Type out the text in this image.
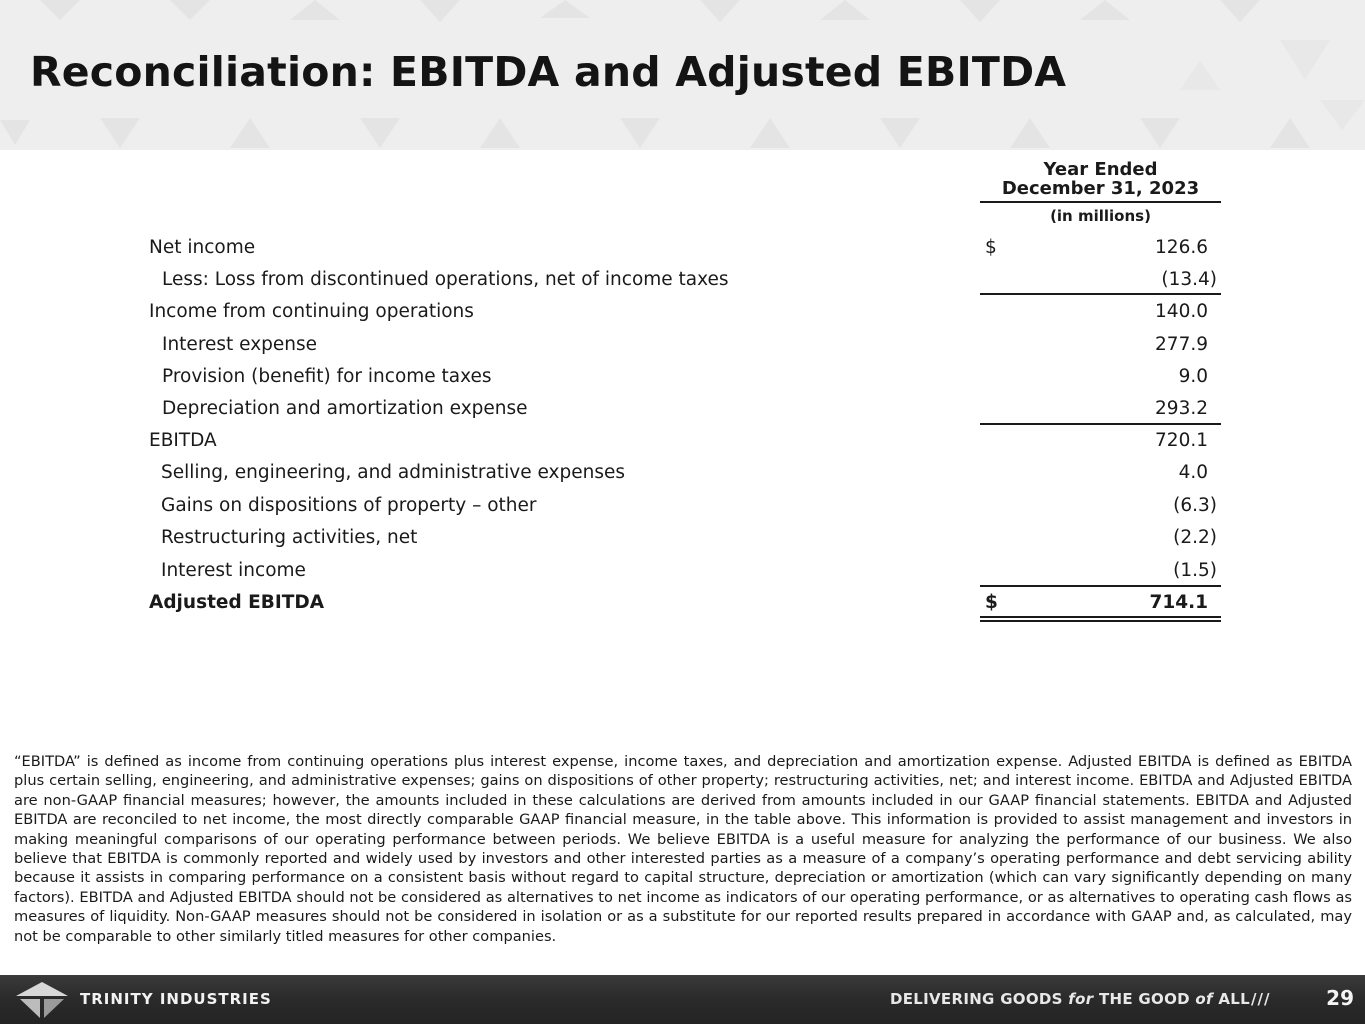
Reconciliation: EBITDA and Adjusted EBITDA
Year Ended
December 31, 2023
(in millions)
Net income	$	126.6
Less: Loss from discontinued operations, net of income taxes	(13.4)
Income from continuing operations	140.0
Interest expense	277.9
Provision (benefit) for income taxes	9.0
Depreciation and amortization expense	293.2
EBITDA	720.1
Selling, engineering, and administrative expenses	4.0
Gains on dispositions of property – other	(6.3)
Restructuring activities, net	(2.2)
Interest income	(1.5)
Adjusted EBITDA	$	714.1
“EBITDA” is defined as income from continuing operations plus interest expense, income taxes, and depreciation and amortization expense. Adjusted EBITDA is defined as EBITDA plus certain selling, engineering, and administrative expenses; gains on dispositions of other property; restructuring activities, net; and interest income. EBITDA and Adjusted EBITDA are non-GAAP financial measures; however, the amounts included in these calculations are derived from amounts included in our GAAP financial statements. EBITDA and Adjusted EBITDA are reconciled to net income, the most directly comparable GAAP financial measure, in the table above. This information is provided to assist management and investors in making meaningful comparisons of our operating performance between periods. We believe EBITDA is a useful measure for analyzing the performance of our business. We also believe that EBITDA is commonly reported and widely used by investors and other interested parties as a measure of a company’s operating performance and debt servicing ability because it assists in comparing performance on a consistent basis without regard to capital structure, depreciation or amortization (which can vary significantly depending on many factors). EBITDA and Adjusted EBITDA should not be considered as alternatives to net income as indicators of our operating performance, or as alternatives to operating cash flows as measures of liquidity. Non-GAAP measures should not be considered in isolation or as a substitute for our reported results prepared in accordance with GAAP and, as calculated, may not be comparable to other similarly titled measures for other companies.
TRINITY INDUSTRIES	DELIVERING GOODS for THE GOOD of ALL ///	29
